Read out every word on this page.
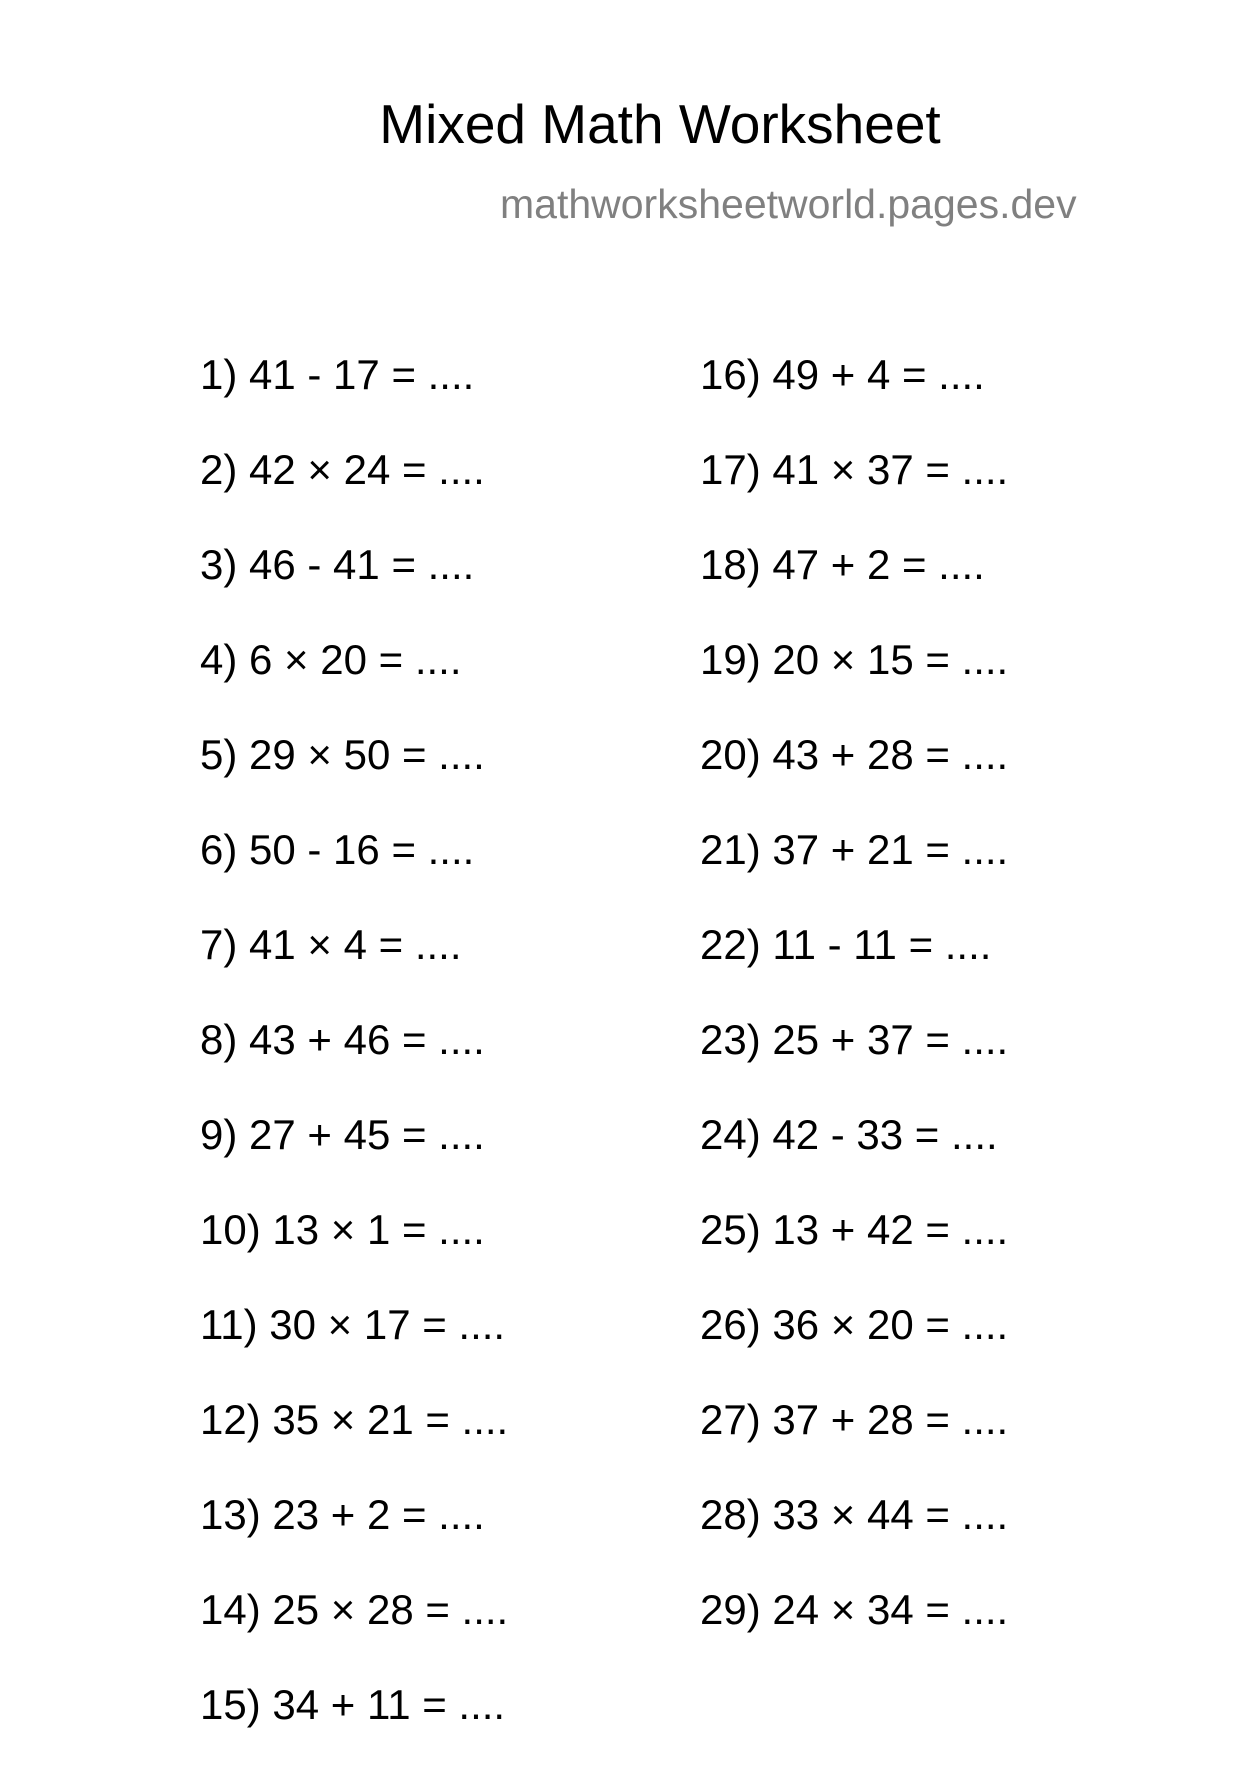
Mixed Math Worksheet
mathworksheetworld.pages.dev
1) 41 - 17 = ....
2) 42 × 24 = ....
3) 46 - 41 = ....
4) 6 × 20 = ....
5) 29 × 50 = ....
6) 50 - 16 = ....
7) 41 × 4 = ....
8) 43 + 46 = ....
9) 27 + 45 = ....
10) 13 × 1 = ....
11) 30 × 17 = ....
12) 35 × 21 = ....
13) 23 + 2 = ....
14) 25 × 28 = ....
15) 34 + 11 = ....
16) 49 + 4 = ....
17) 41 × 37 = ....
18) 47 + 2 = ....
19) 20 × 15 = ....
20) 43 + 28 = ....
21) 37 + 21 = ....
22) 11 - 11 = ....
23) 25 + 37 = ....
24) 42 - 33 = ....
25) 13 + 42 = ....
26) 36 × 20 = ....
27) 37 + 28 = ....
28) 33 × 44 = ....
29) 24 × 34 = ....
